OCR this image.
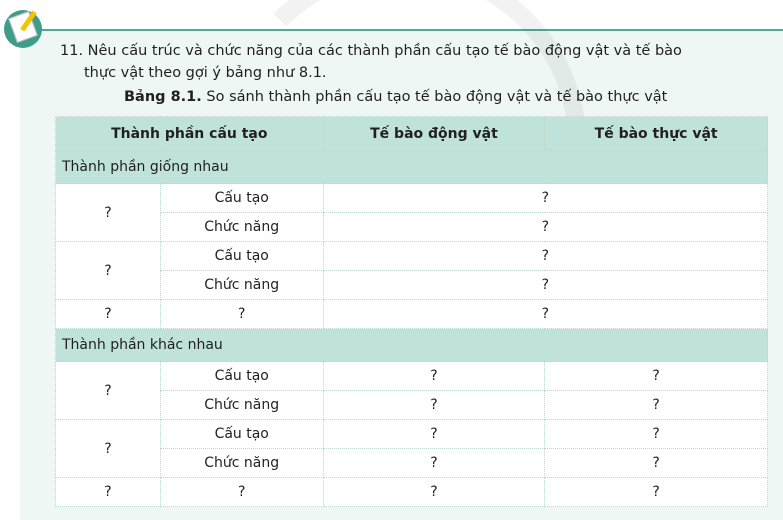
11. Nêu cấu trúc và chức năng của các thành phần cấu tạo tế bào động vật và tế bào
thực vật theo gợi ý bảng như 8.1.
Bảng 8.1. So sánh thành phần cấu tạo tế bào động vật và tế bào thực vật
Thành phần cấu tạo		Tế bào động vật	Tế bào thực vật
Thành phần giống nhau			
?	Cấu tạo	?	
	Chức năng	?	
?	Cấu tạo	?	
	Chức năng	?	
?	?	?	
Thành phần khác nhau			
?	Cấu tạo	?	?
	Chức năng	?	?
?	Cấu tạo	?	?
	Chức năng	?	?
?	?	?	?
